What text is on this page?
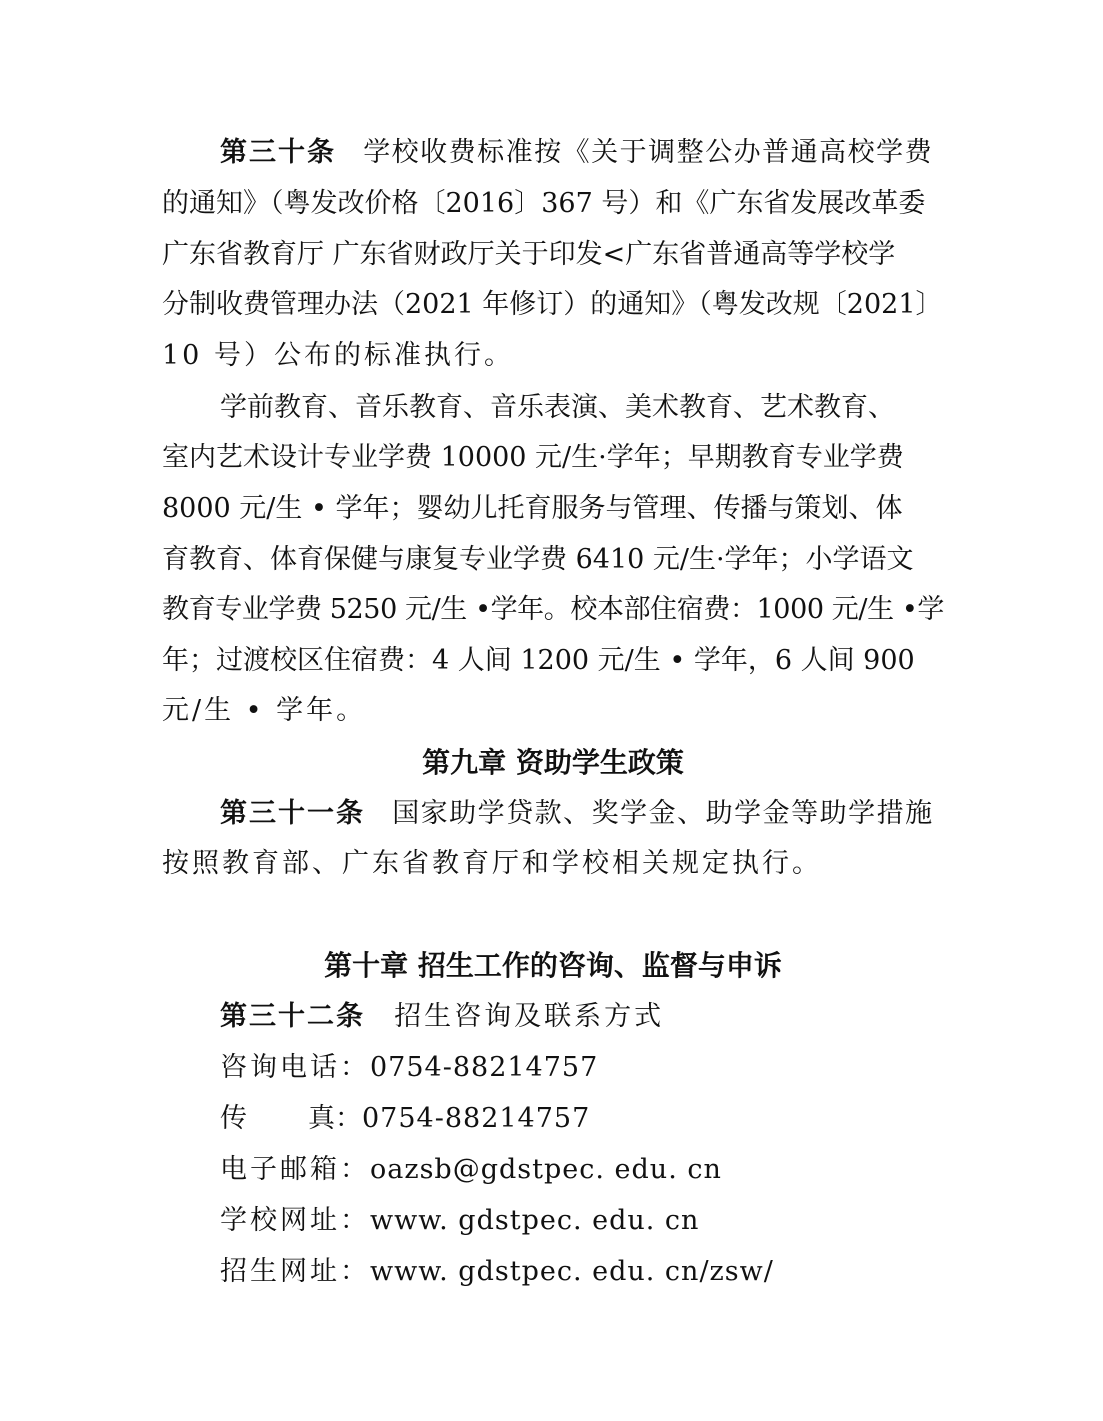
第三十条 学校收费标准按《关于调整公办普通高校学费
的通知》（粤发改价格〔2016〕367 号）和《广东省发展改革委
广东省教育厅 广东省财政厅关于印发<广东省普通高等学校学
分制收费管理办法（2021 年修订）的通知》（粤发改规〔2021〕
10 号）公布的标准执行。
学前教育、音乐教育、音乐表演、美术教育、艺术教育、
室内艺术设计专业学费 10000 元/生·学年；早期教育专业学费
8000 元/生 • 学年；婴幼儿托育服务与管理、传播与策划、体
育教育、体育保健与康复专业学费 6410 元/生·学年；小学语文
教育专业学费 5250 元/生 •学年。校本部住宿费：1000 元/生 •学
年；过渡校区住宿费：4 人间 1200 元/生 • 学年，6 人间 900
元/生 • 学年。
第九章 资助学生政策
第三十一条 国家助学贷款、奖学金、助学金等助学措施
按照教育部、广东省教育厅和学校相关规定执行。
第十章 招生工作的咨询、监督与申诉
第三十二条 招生咨询及联系方式
咨询电话：0754-88214757
传 真：0754-88214757
电子邮箱：oazsb@gdstpec. edu. cn
学校网址：www. gdstpec. edu. cn
招生网址：www. gdstpec. edu. cn/zsw/
